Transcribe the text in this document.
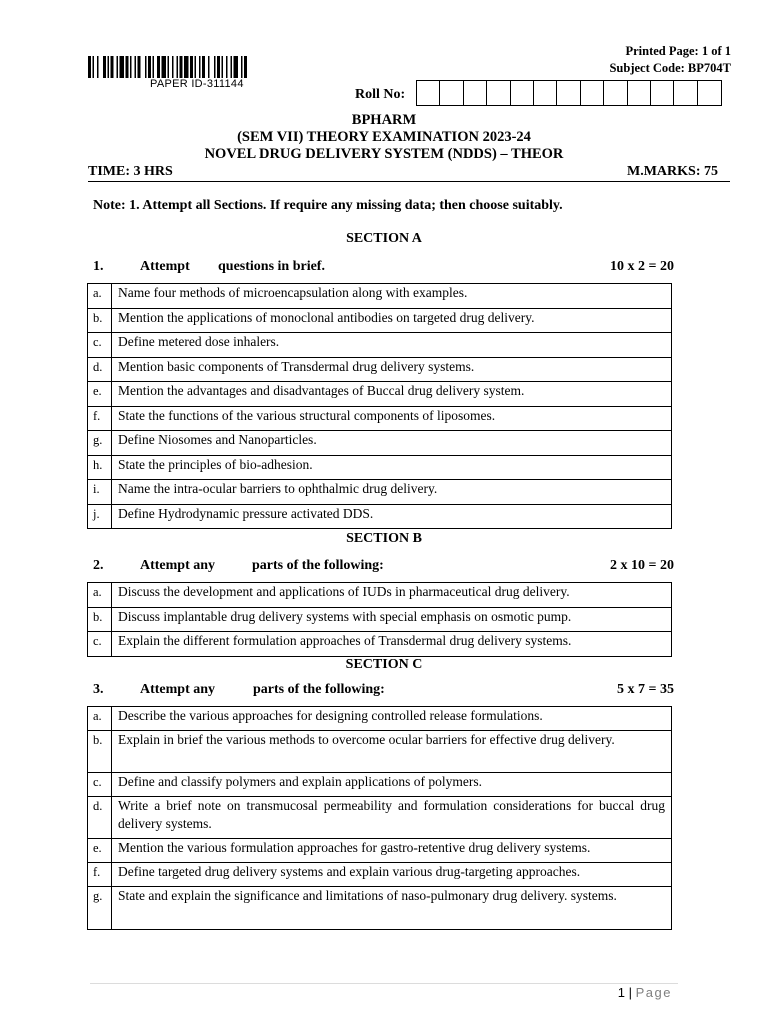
PAPER ID-311144
Printed Page: 1 of 1
Subject Code: BP704T
Roll No:
BPHARM
(SEM VII) THEORY EXAMINATION 2023-24
NOVEL DRUG DELIVERY SYSTEM (NDDS) – THEOR
TIME: 3 HRS	M.MARKS: 75
Note: 1. Attempt all Sections. If require any missing data; then choose suitably.
SECTION A
1.	Attempt questions in brief.	10 x 2 = 20
a.	Name four methods of microencapsulation along with examples.
b.	Mention the applications of monoclonal antibodies on targeted drug delivery.
c.	Define metered dose inhalers.
d.	Mention basic components of Transdermal drug delivery systems.
e.	Mention the advantages and disadvantages of Buccal drug delivery system.
f.	State the functions of the various structural components of liposomes.
g.	Define Niosomes and Nanoparticles.
h.	State the principles of bio-adhesion.
i.	Name the intra-ocular barriers to ophthalmic drug delivery.
j.	Define Hydrodynamic pressure activated DDS.
SECTION B
2.	Attempt any	parts of the following:	2 x 10 = 20
a.	Discuss the development and applications of IUDs in pharmaceutical drug delivery.
b.	Discuss implantable drug delivery systems with special emphasis on osmotic pump.
c.	Explain the different formulation approaches of Transdermal drug delivery systems.
SECTION C
3.	Attempt any	parts of the following:	5 x 7 = 35
a.	Describe the various approaches for designing controlled release formulations.
b.	Explain in brief the various methods to overcome ocular barriers for effective drug delivery.
c.	Define and classify polymers and explain applications of polymers.
d.	Write a brief note on transmucosal permeability and formulation considerations for buccal drug delivery systems.
e.	Mention the various formulation approaches for gastro-retentive drug delivery systems.
f.	Define targeted drug delivery systems and explain various drug-targeting approaches.
g.	State and explain the significance and limitations of naso-pulmonary drug delivery. systems.
1 | Page
